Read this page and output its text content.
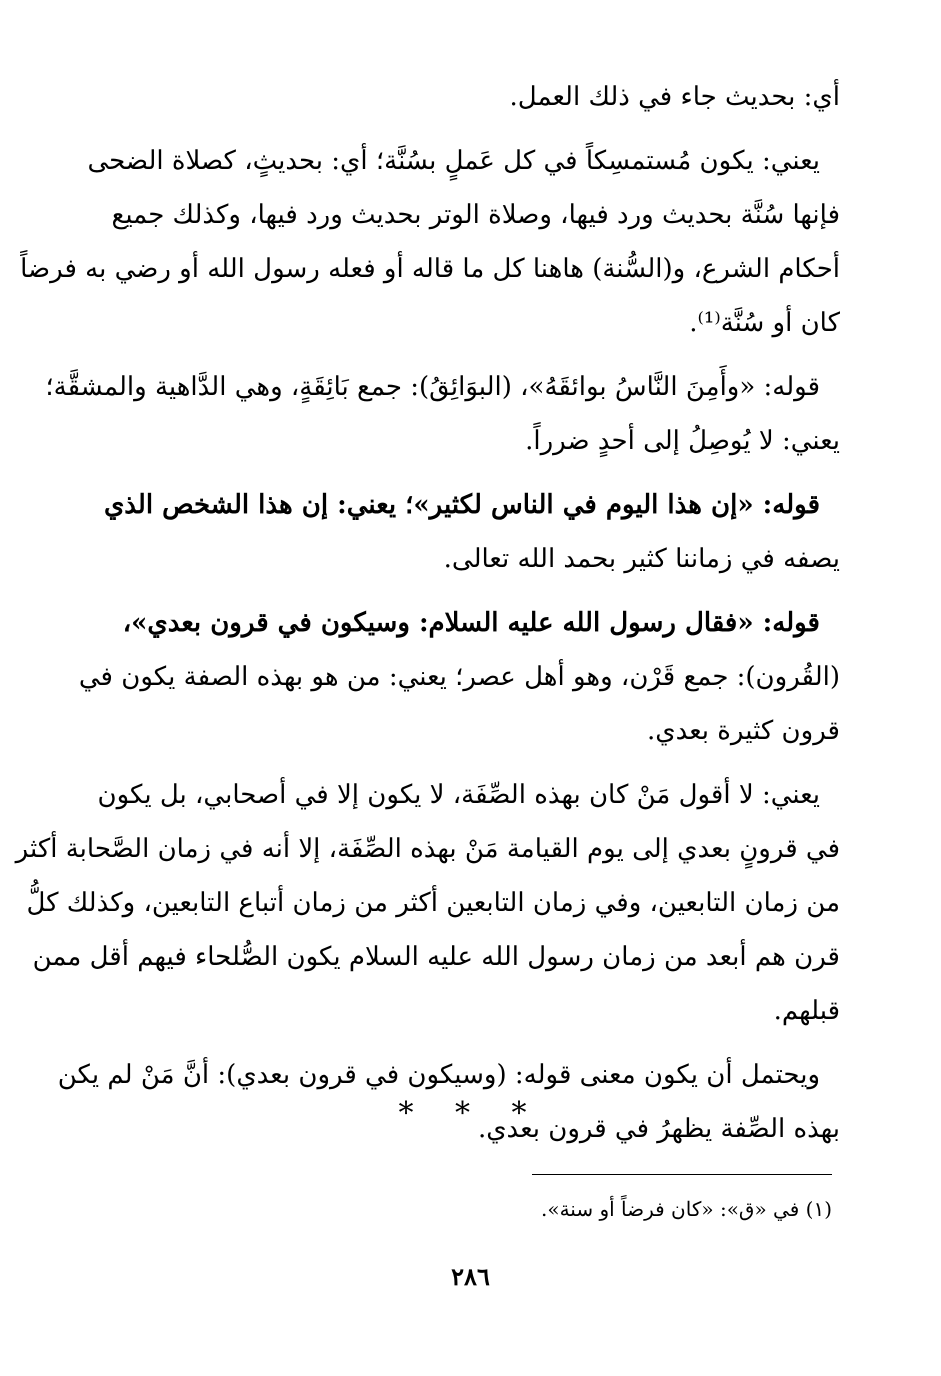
أي: بحديث جاء في ذلك العمل.
يعني: يكون مُستمسِكاً في كل عَملٍ بسُنَّة؛ أي: بحديثٍ، كصلاة الضحى
فإنها سُنَّة بحديث ورد فيها، وصلاة الوتر بحديث ورد فيها، وكذلك جميع
أحكام الشرع، و(السُّنة) هاهنا كل ما قاله أو فعله رسول الله أو رضي به فرضاً
كان أو سُنَّة⁽¹⁾.
قوله: «وأَمِنَ النَّاسُ بوائقَهُ»، (البوَائِقُ): جمع بَائِقَةٍ، وهي الدَّاهية والمشقَّة؛
يعني: لا يُوصِلُ إلى أحدٍ ضرراً.
قوله: «إن هذا اليوم في الناس لكثير»؛ يعني: إن هذا الشخص الذي
يصفه في زماننا كثير بحمد الله تعالى.
قوله: «فقال رسول الله عليه السلام: وسيكون في قرون بعدي»،
(القُرون): جمع قَرْن، وهو أهل عصر؛ يعني: من هو بهذه الصفة يكون في
قرون كثيرة بعدي.
يعني: لا أقول مَنْ كان بهذه الصِّفَة، لا يكون إلا في أصحابي، بل يكون
في قرونٍ بعدي إلى يوم القيامة مَنْ بهذه الصِّفَة، إلا أنه في زمان الصَّحابة أكثر
من زمان التابعين، وفي زمان التابعين أكثر من زمان أتباع التابعين، وكذلك كلُّ
قرن هم أبعد من زمان رسول الله عليه السلام يكون الصُّلحاء فيهم أقل ممن
قبلهم.
ويحتمل أن يكون معنى قوله: (وسيكون في قرون بعدي): أنَّ مَنْ لم يكن
بهذه الصِّفة يظهرُ في قرون بعدي.
* * *
(١) في «ق»: «كان فرضاً أو سنة».
٢٨٦
